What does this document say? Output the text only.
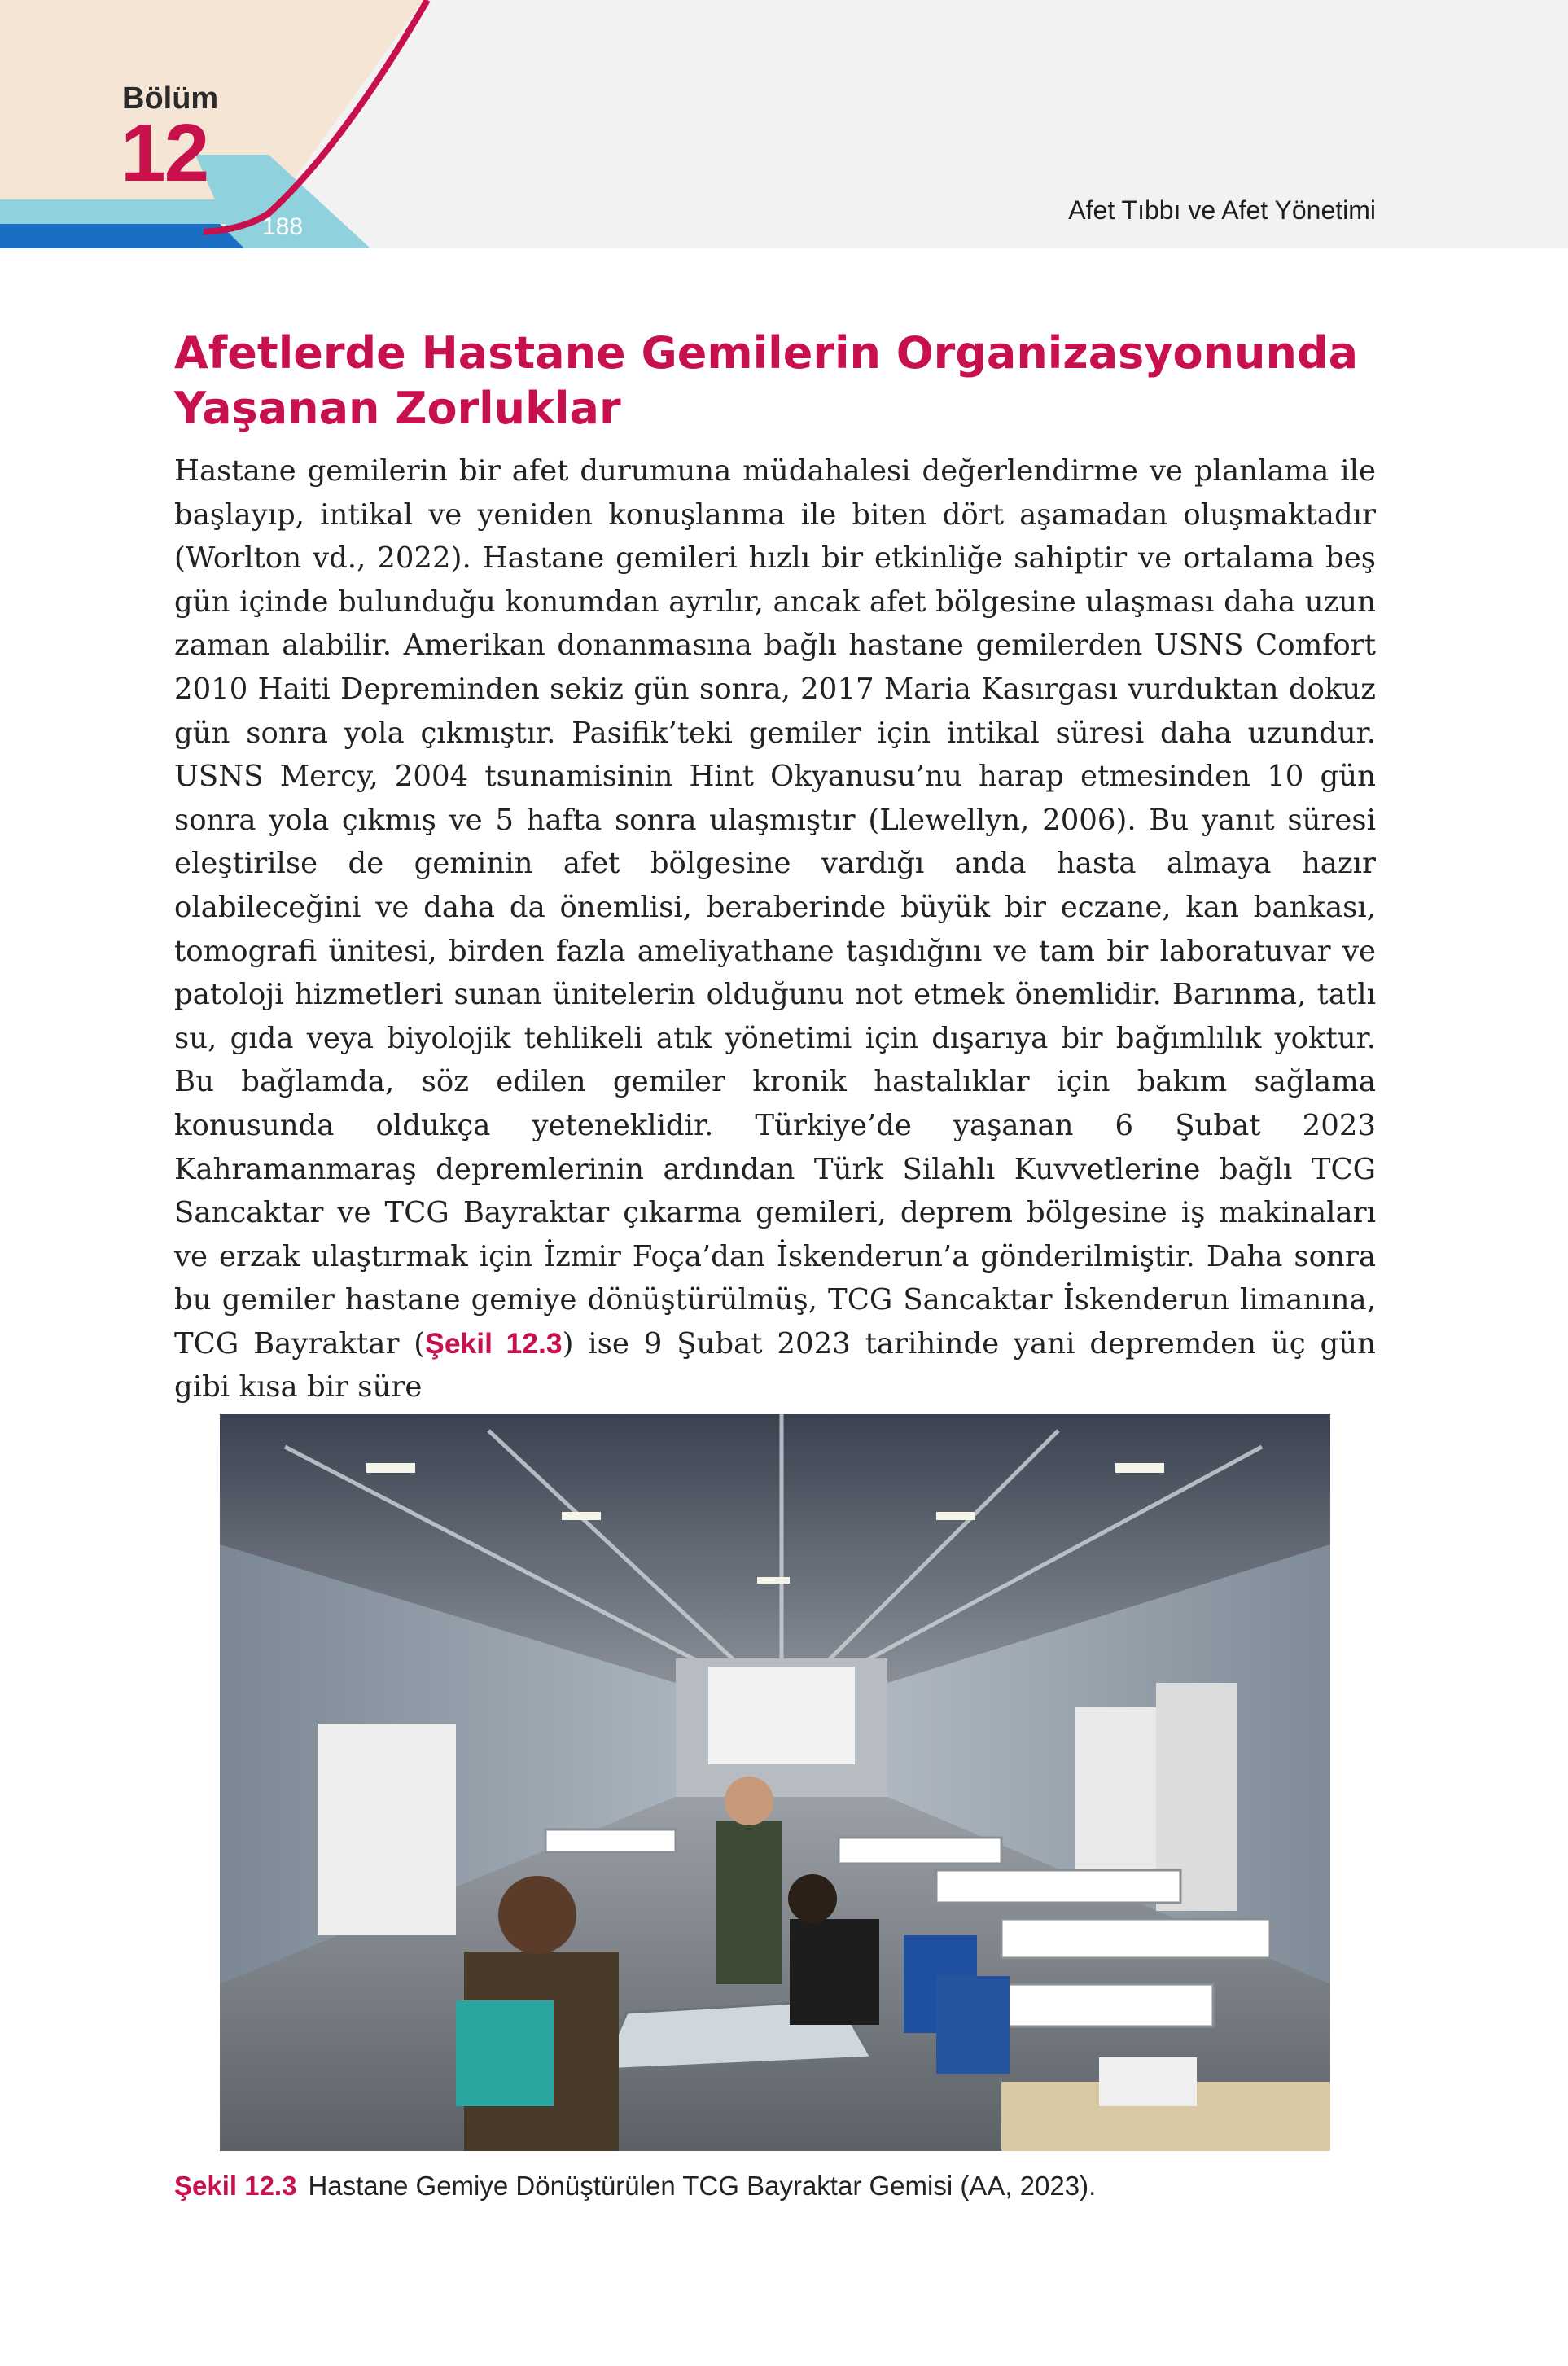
Bölüm
12
188
Afet Tıbbı ve Afet Yönetimi
Afetlerde Hastane Gemilerin Organizasyonunda Yaşanan Zorluklar

Hastane gemilerin bir afet durumuna müdahalesi değerlendirme ve planlama ile başlayıp, intikal ve yeniden konuşlanma ile biten dört aşamadan oluşmaktadır (Worlton vd., 2022). Hastane gemileri hızlı bir etkinliğe sahiptir ve ortalama beş gün içinde bulunduğu konumdan ayrılır, ancak afet bölgesine ulaşması daha uzun zaman alabilir. Amerikan donanmasına bağlı hastane gemilerden USNS Comfort 2010 Haiti Depreminden sekiz gün sonra, 2017 Maria Kasırgası vurduktan dokuz gün sonra yola çıkmıştır. Pasifik’teki gemiler için intikal süresi daha uzundur. USNS Mercy, 2004 tsunamisinin Hint Okyanusu’nu harap etmesinden 10 gün sonra yola çıkmış ve 5 hafta sonra ulaşmıştır (Llewellyn, 2006). Bu yanıt süresi eleştirilse de geminin afet bölgesine vardığı anda hasta almaya hazır olabileceğini ve daha da önemlisi, beraberinde büyük bir eczane, kan bankası, tomografi ünitesi, birden fazla ameliyathane taşıdığını ve tam bir laboratuvar ve patoloji hizmetleri sunan ünitelerin olduğunu not etmek önemlidir. Barınma, tatlı su, gıda veya biyolojik tehlikeli atık yönetimi için dışarıya bir bağımlılık yoktur. Bu bağlamda, söz edilen gemiler kronik hastalıklar için bakım sağlama konusunda oldukça yeteneklidir. Türkiye’de yaşanan 6 Şubat 2023 Kahramanmaraş depremlerinin ardından Türk Silahlı Kuvvetlerine bağlı TCG Sancaktar ve TCG Bayraktar çıkarma gemileri, deprem bölgesine iş makinaları ve erzak ulaştırmak için İzmir Foça’dan İskenderun’a gönderilmiştir. Daha sonra bu gemiler hastane gemiye dönüştürülmüş, TCG Sancaktar İskenderun limanına, TCG Bayraktar (Şekil 12.3) ise 9 Şubat 2023 tarihinde yani depremden üç gün gibi kısa bir süre

Şekil 12.3 Hastane Gemiye Dönüştürülen TCG Bayraktar Gemisi (AA, 2023).
